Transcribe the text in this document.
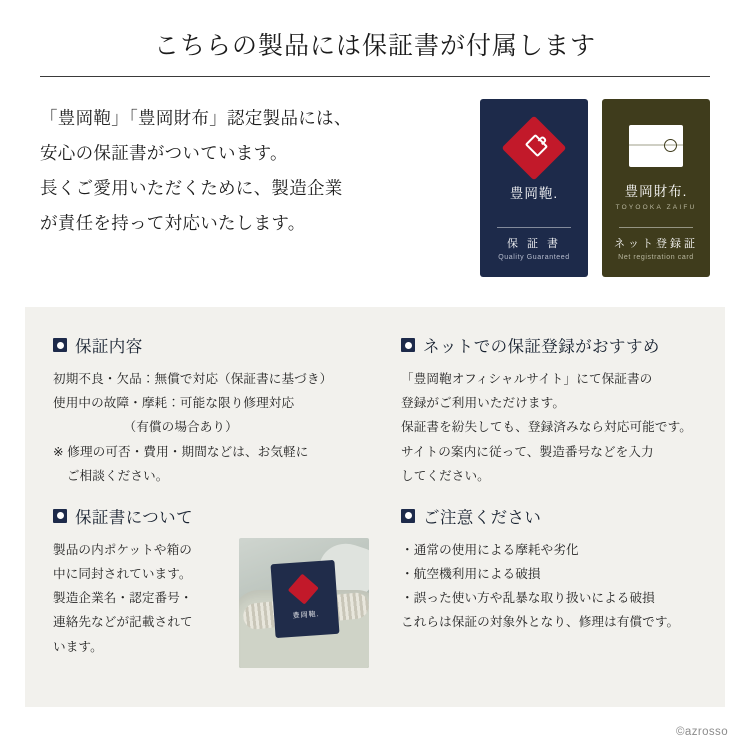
こちらの製品には保証書が付属します

「豊岡鞄」「豊岡財布」認定製品には、

安心の保証書がついています。

長くご愛用いただくために、製造企業

が責任を持って対応いたします。

豊岡鞄.
保 証 書
Quality Guaranteed
豊岡財布.
TOYOOKA ZAIFU
ネット登録証
Net registration card
保証内容
初期不良・欠品：無償で対応（保証書に基づき）
使用中の故障・摩耗：可能な限り修理対応
（有償の場合あり）
※ 修理の可否・費用・期間などは、お気軽に
ご相談ください。
ネットでの保証登録がおすすめ
「豊岡鞄オフィシャルサイト」にて保証書の
登録がご利用いただけます。
保証書を紛失しても、登録済みなら対応可能です。
サイトの案内に従って、製造番号などを入力
してください。
保証書について
製品の内ポケットや箱の
中に同封されています。
製造企業名・認定番号・
連絡先などが記載されて
います。
豊岡鞄.
ご注意ください
・通常の使用による摩耗や劣化
・航空機利用による破損
・誤った使い方や乱暴な取り扱いによる破損
これらは保証の対象外となり、修理は有償です。
©azrosso
